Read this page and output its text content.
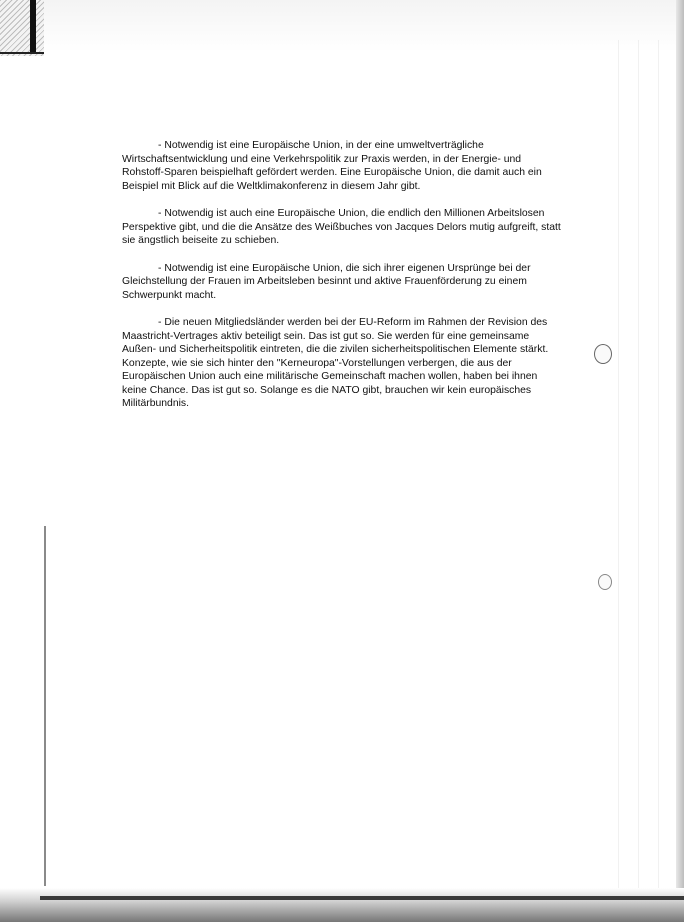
- Notwendig ist eine Europäische Union, in der eine umweltverträgliche Wirtschaftsentwicklung und eine Verkehrspolitik zur Praxis werden, in der Energie- und Rohstoff-Sparen beispielhaft gefördert werden. Eine Europäische Union, die damit auch ein Beispiel mit Blick auf die Weltklimakonferenz in diesem Jahr gibt.

- Notwendig ist auch eine Europäische Union, die endlich den Millionen Arbeitslosen Perspektive gibt, und die die Ansätze des Weißbuches von Jacques Delors mutig aufgreift, statt sie ängstlich beiseite zu schieben.

- Notwendig ist eine Europäische Union, die sich ihrer eigenen Ursprünge bei der Gleichstellung der Frauen im Arbeitsleben besinnt und aktive Frauenförderung zu einem Schwerpunkt macht.

- Die neuen Mitgliedsländer werden bei der EU-Reform im Rahmen der Revision des Maastricht-Vertrages aktiv beteiligt sein. Das ist gut so. Sie werden für eine gemeinsame Außen- und Sicherheitspolitik eintreten, die die zivilen sicherheitspolitischen Elemente stärkt. Konzepte, wie sie sich hinter den "Kerneuropa"-Vorstellungen verbergen, die aus der Europäischen Union auch eine militärische Gemeinschaft machen wollen, haben bei ihnen keine Chance. Das ist gut so. Solange es die NATO gibt, brauchen wir kein europäisches Militärbundnis.
